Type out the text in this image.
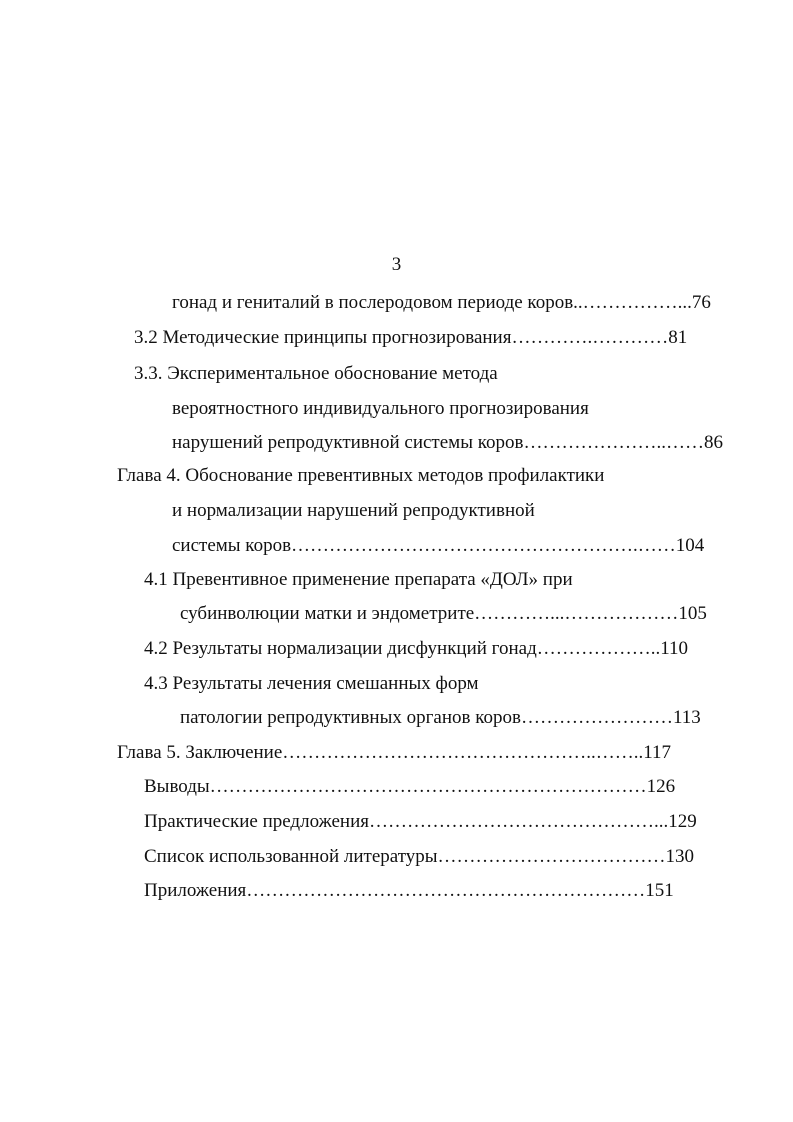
3
гонад и гениталий в послеродовом периоде коров..……………...76
3.2 Методические принципы прогнозирования………….…………81
3.3. Экспериментальное обоснование метода
вероятностного индивидуального прогнозирования
нарушений репродуктивной системы коров…………………..……86
Глава 4. Обоснование превентивных методов профилактики
и нормализации нарушений репродуктивной
системы коров……………………………………………….……104
4.1 Превентивное применение препарата «ДОЛ» при
субинволюции матки и эндометрите…………...………………105
4.2 Результаты нормализации дисфункций гонад………………..110
4.3 Результаты лечения смешанных форм
патологии репродуктивных органов коров……………………113
Глава 5. Заключение…………………………………………..……..117
Выводы……………………………………………………………126
Практические предложения………………………………………...129
Список использованной литературы………………………………130
Приложения………………………………………………………151
